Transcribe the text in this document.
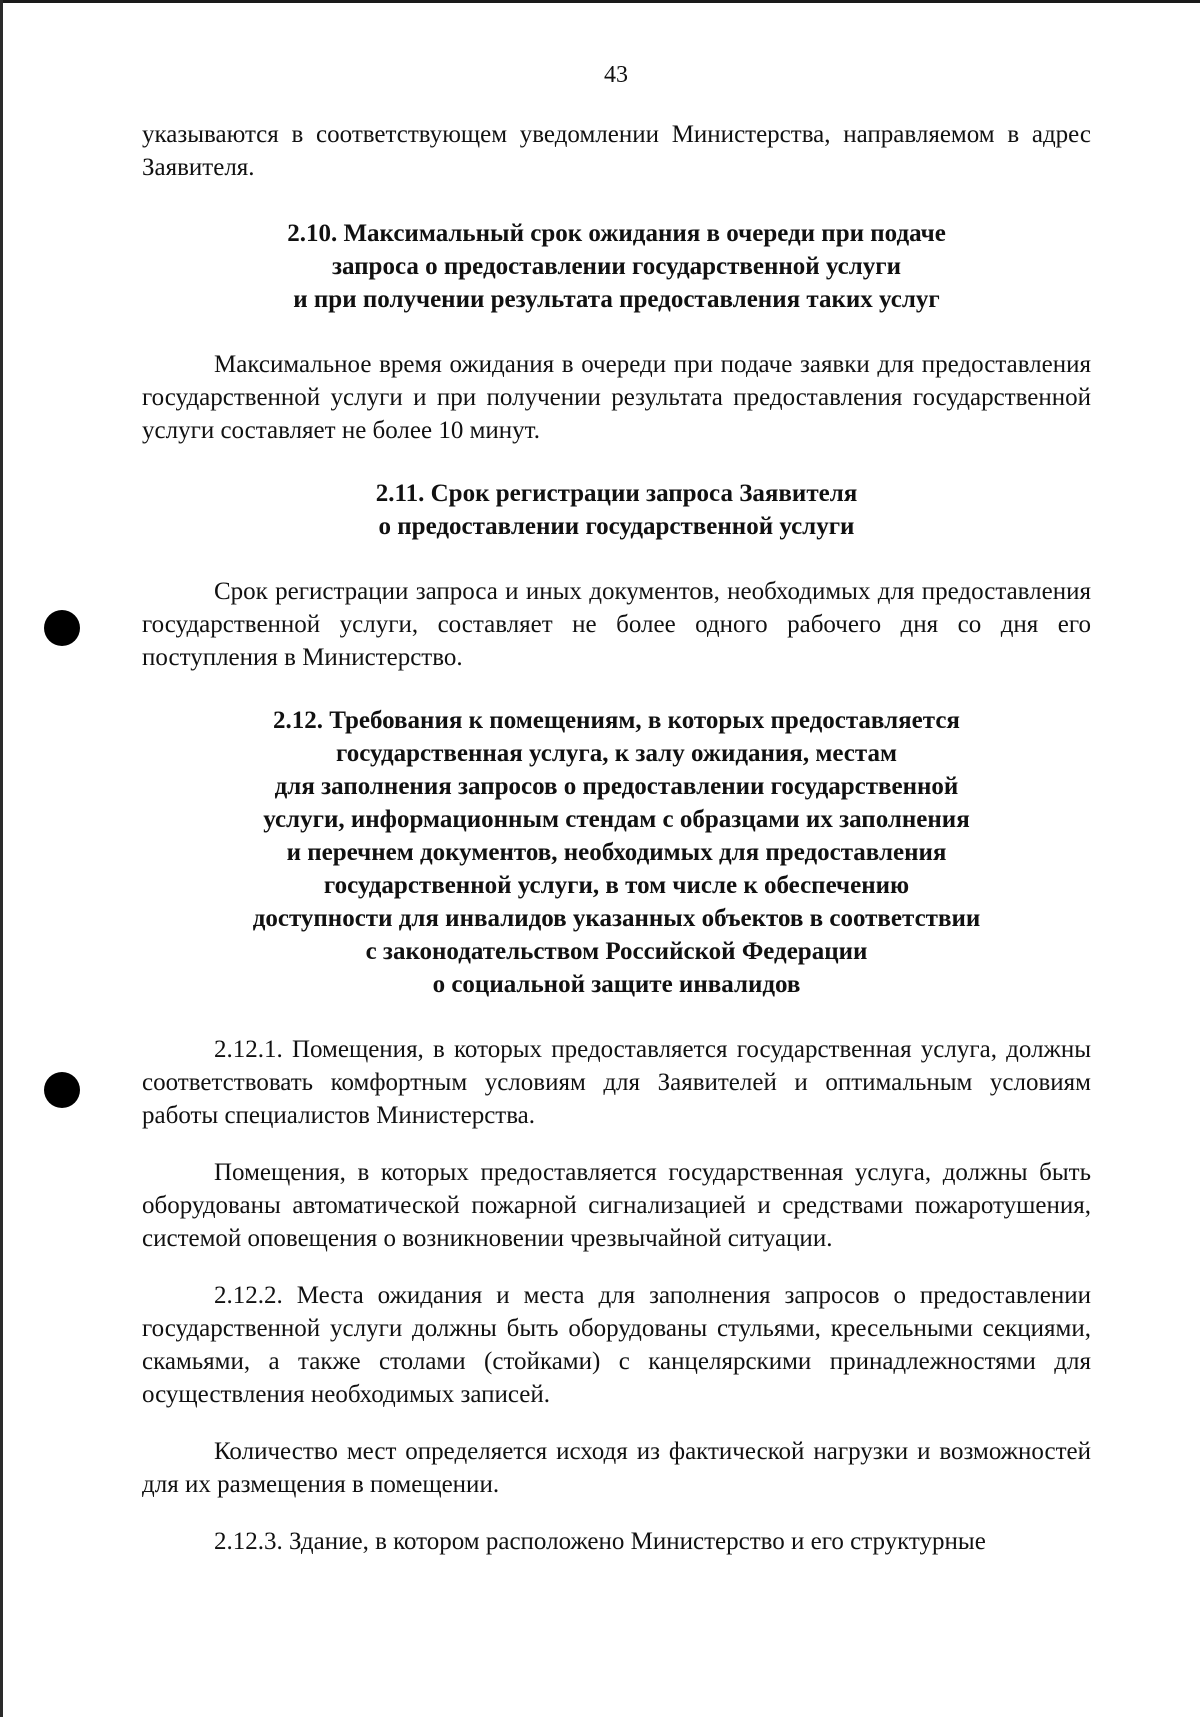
43

указываются в соответствующем уведомлении Министерства, направляемом в адрес Заявителя.

2.10. Максимальный срок ожидания в очереди при подаче
запроса о предоставлении государственной услуги
и при получении результата предоставления таких услуг

Максимальное время ожидания в очереди при подаче заявки для предоставления государственной услуги и при получении результата предоставления государственной услуги составляет не более 10 минут.

2.11. Срок регистрации запроса Заявителя
о предоставлении государственной услуги

Срок регистрации запроса и иных документов, необходимых для предоставления государственной услуги, составляет не более одного рабочего дня со дня его поступления в Министерство.

2.12. Требования к помещениям, в которых предоставляется
государственная услуга, к залу ожидания, местам
для заполнения запросов о предоставлении государственной
услуги, информационным стендам с образцами их заполнения
и перечнем документов, необходимых для предоставления
государственной услуги, в том числе к обеспечению
доступности для инвалидов указанных объектов в соответствии
с законодательством Российской Федерации
о социальной защите инвалидов

2.12.1. Помещения, в которых предоставляется государственная услуга, должны соответствовать комфортным условиям для Заявителей и оптимальным условиям работы специалистов Министерства.

Помещения, в которых предоставляется государственная услуга, должны быть оборудованы автоматической пожарной сигнализацией и средствами пожаротушения, системой оповещения о возникновении чрезвычайной ситуации.

2.12.2. Места ожидания и места для заполнения запросов о предоставлении государственной услуги должны быть оборудованы стульями, кресельными секциями, скамьями, а также столами (стойками) с канцелярскими принадлежностями для осуществления необходимых записей.

Количество мест определяется исходя из фактической нагрузки и возможностей для их размещения в помещении.

2.12.3. Здание, в котором расположено Министерство и его структурные
